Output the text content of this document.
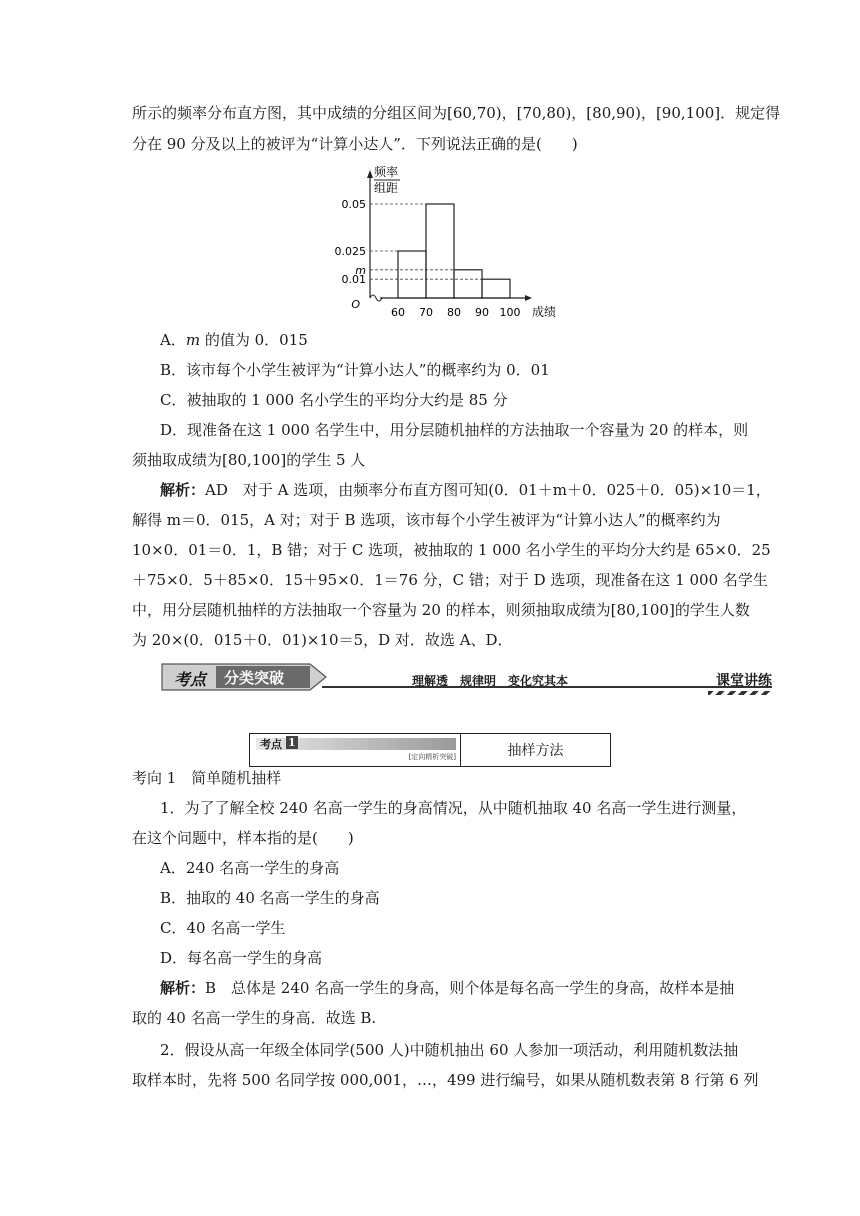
所示的频率分布直方图，其中成绩的分组区间为[60,70)，[70,80)，[80,90)，[90,100]．规定得
分在 90 分及以上的被评为“计算小达人”．下列说法正确的是(　　)
0.05
0.025
m
0.01
60 70 80 90 100
O
成绩
频率
组距
A．m 的值为 0．015
B．该市每个小学生被评为“计算小达人”的概率约为 0．01
C．被抽取的 1 000 名小学生的平均分大约是 85 分
D．现准备在这 1 000 名学生中，用分层随机抽样的方法抽取一个容量为 20 的样本，则
须抽取成绩为[80,100]的学生 5 人
解析：AD　对于 A 选项，由频率分布直方图可知(0．01＋m＋0．025＋0．05)×10＝1，
解得 m＝0．015，A 对；对于 B 选项，该市每个小学生被评为“计算小达人”的概率约为
10×0．01＝0．1，B 错；对于 C 选项，被抽取的 1 000 名小学生的平均分大约是 65×0．25
＋75×0．5＋85×0．15＋95×0．1＝76 分，C 错；对于 D 选项，现准备在这 1 000 名学生
中，用分层随机抽样的方法抽取一个容量为 20 的样本，则须抽取成绩为[80,100]的学生人数
为 20×(0．015＋0．01)×10＝5，D 对．故选 A、D．
考点 分类突破	理解透　规律明　变化究其本	课堂讲练
考点 1
[定向精析突破]	抽样方法
考向 1　简单随机抽样
1．为了了解全校 240 名高一学生的身高情况，从中随机抽取 40 名高一学生进行测量，
在这个问题中，样本指的是(　　)
A．240 名高一学生的身高
B．抽取的 40 名高一学生的身高
C．40 名高一学生
D．每名高一学生的身高
解析：B　总体是 240 名高一学生的身高，则个体是每名高一学生的身高，故样本是抽
取的 40 名高一学生的身高．故选 B.
2．假设从高一年级全体同学(500 人)中随机抽出 60 人参加一项活动，利用随机数法抽
取样本时，先将 500 名同学按 000,001，…，499 进行编号，如果从随机数表第 8 行第 6 列
